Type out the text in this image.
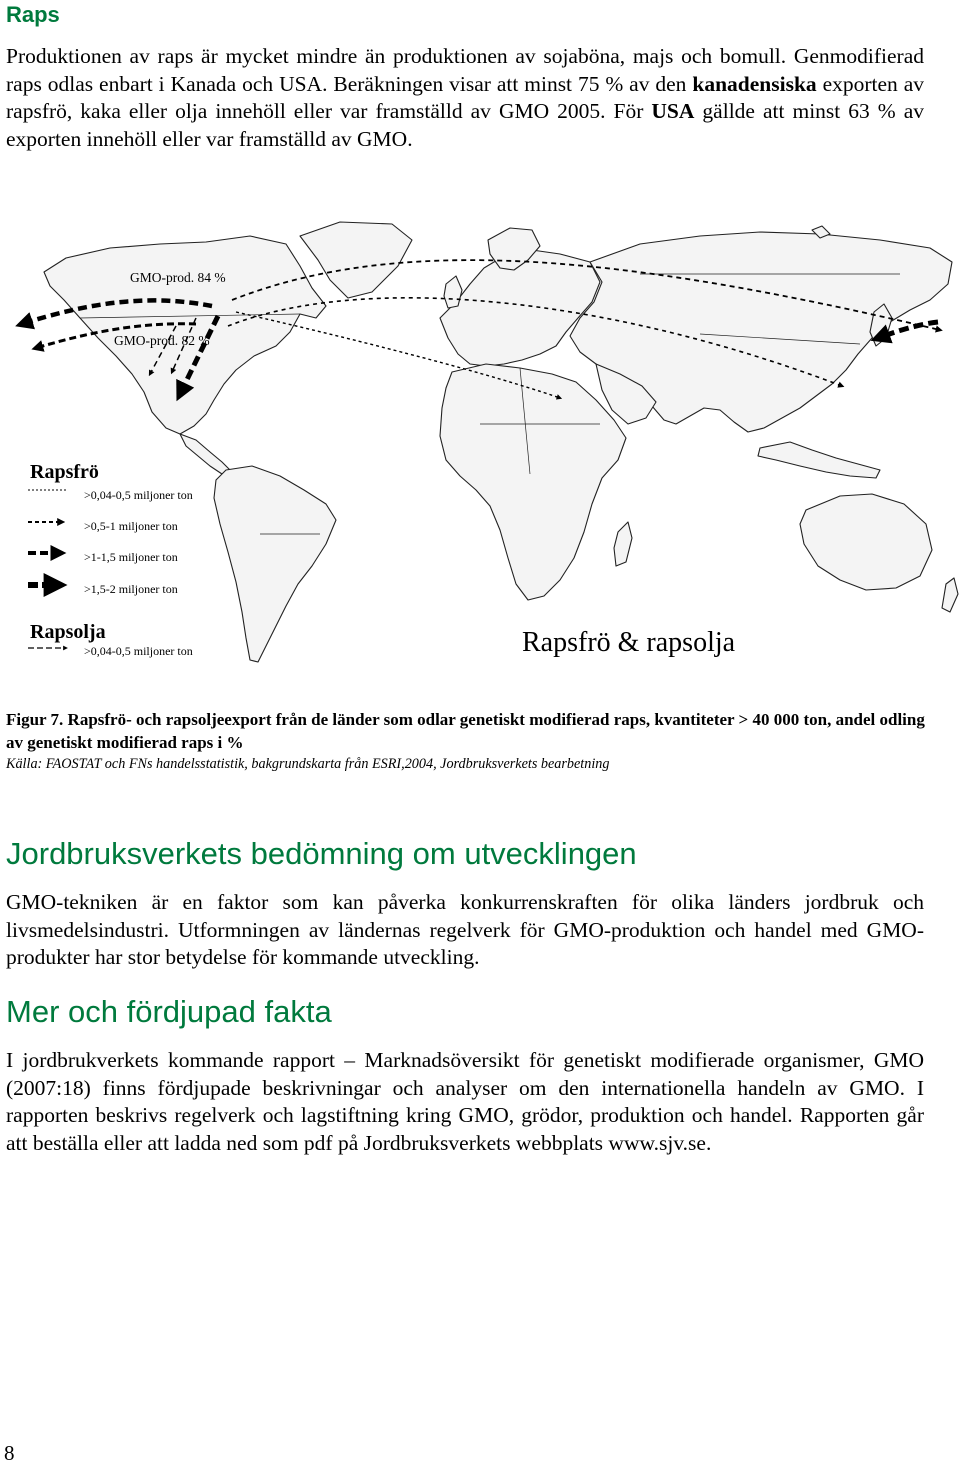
Raps
Produktionen av raps är mycket mindre än produktionen av sojaböna, majs och bomull. Genmodifierad raps odlas enbart i Kanada och USA. Beräkningen visar att minst 75 % av den kanadensiska exporten av rapsfrö, kaka eller olja innehöll eller var framställd av GMO 2005. För USA gällde att minst 63 % av exporten innehöll eller var framställd av GMO.
GMO-prod. 84 %
GMO-prod. 82 %
Rapsfrö
>0,04-0,5 miljoner ton
>0,5-1 miljoner ton
>1-1,5 miljoner ton
>1,5-2 miljoner ton
Rapsolja
>0,04-0,5 miljoner ton	Rapsfrö & rapsolja
Figur 7. Rapsfrö- och rapsoljeexport från de länder som odlar genetiskt modifierad raps, kvantiteter > 40 000 ton, andel odling av genetiskt modifierad raps i %
Källa: FAOSTAT och FNs handelsstatistik, bakgrundskarta från ESRI,2004, Jordbruksverkets bearbetning
Jordbruksverkets bedömning om utvecklingen
GMO-tekniken är en faktor som kan påverka konkurrenskraften för olika länders jordbruk och livsmedelsindustri. Utformningen av ländernas regelverk för GMO-produktion och handel med GMO-produkter har stor betydelse för kommande utveckling.
Mer och fördjupad fakta
I jordbrukverkets kommande rapport – Marknadsöversikt för genetiskt modifierade organismer, GMO (2007:18) finns fördjupade beskrivningar och analyser om den internationella handeln av GMO. I rapporten beskrivs regelverk och lagstiftning kring GMO, grödor, produktion och handel. Rapporten går att beställa eller att ladda ned som pdf på Jordbruksverkets webbplats www.sjv.se.
8
